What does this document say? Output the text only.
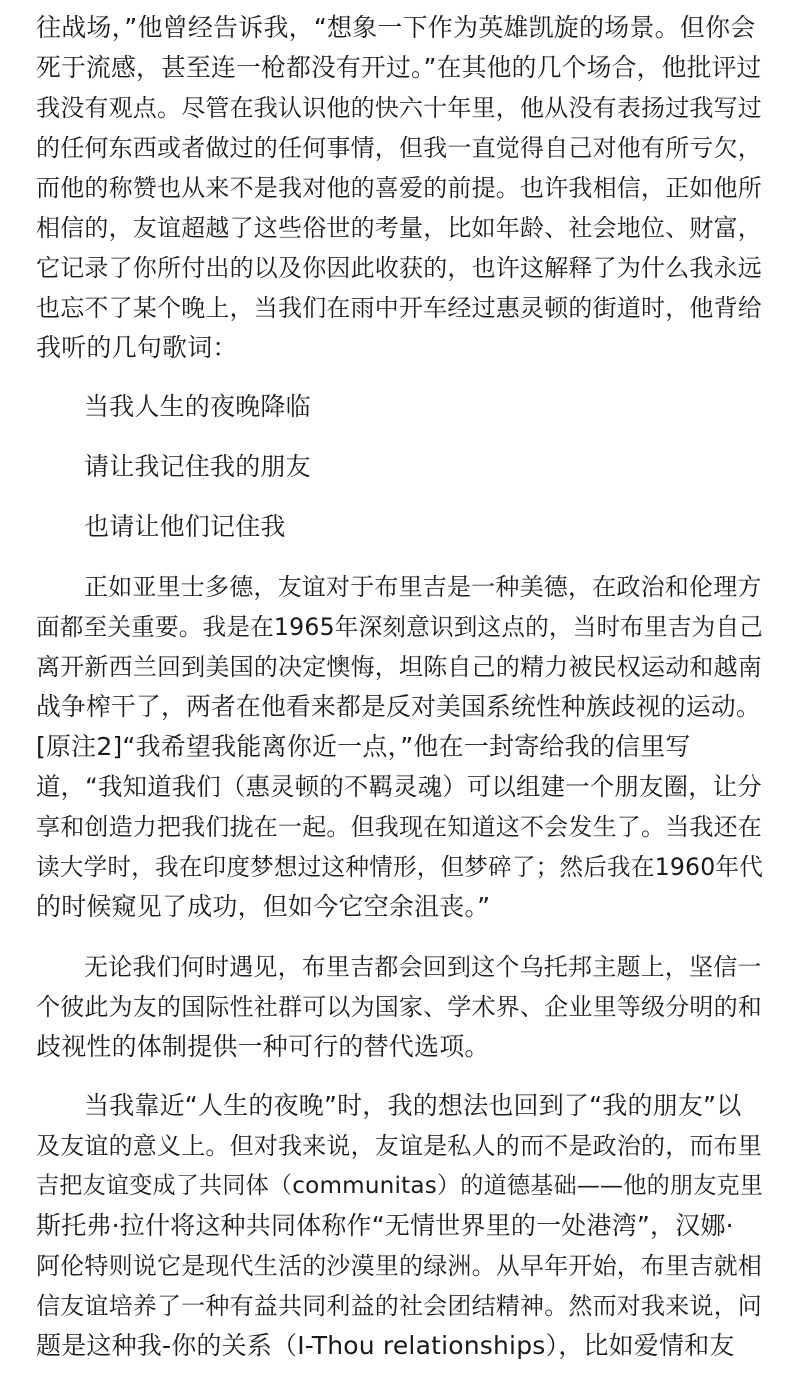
往战场，”他曾经告诉我，“想象一下作为英雄凯旋的场景。但你会
死于流感，甚至连一枪都没有开过。”在其他的几个场合，他批评过
我没有观点。尽管在我认识他的快六十年里，他从没有表扬过我写过
的任何东西或者做过的任何事情，但我一直觉得自己对他有所亏欠，
而他的称赞也从来不是我对他的喜爱的前提。也许我相信，正如他所
相信的，友谊超越了这些俗世的考量，比如年龄、社会地位、财富，
它记录了你所付出的以及你因此收获的，也许这解释了为什么我永远
也忘不了某个晚上，当我们在雨中开车经过惠灵顿的街道时，他背给
我听的几句歌词：
当我人生的夜晚降临
请让我记住我的朋友
也请让他们记住我
正如亚里士多德，友谊对于布里吉是一种美德，在政治和伦理方
面都至关重要。我是在1965年深刻意识到这点的，当时布里吉为自己
离开新西兰回到美国的决定懊悔，坦陈自己的精力被民权运动和越南
战争榨干了，两者在他看来都是反对美国系统性种族歧视的运动。
[原注2]“我希望我能离你近一点，”他在一封寄给我的信里写
道，“我知道我们（惠灵顿的不羁灵魂）可以组建一个朋友圈，让分
享和创造力把我们拢在一起。但我现在知道这不会发生了。当我还在
读大学时，我在印度梦想过这种情形，但梦碎了；然后我在1960年代
的时候窥见了成功，但如今它空余沮丧。”
无论我们何时遇见，布里吉都会回到这个乌托邦主题上，坚信一
个彼此为友的国际性社群可以为国家、学术界、企业里等级分明的和
歧视性的体制提供一种可行的替代选项。
当我靠近“人生的夜晚”时，我的想法也回到了“我的朋友”以
及友谊的意义上。但对我来说，友谊是私人的而不是政治的，而布里
吉把友谊变成了共同体（communitas）的道德基础——他的朋友克里
斯托弗·拉什将这种共同体称作“无情世界里的一处港湾”，汉娜·
阿伦特则说它是现代生活的沙漠里的绿洲。从早年开始，布里吉就相
信友谊培养了一种有益共同利益的社会团结精神。然而对我来说，问
题是这种我-你的关系（I-Thou relationships），比如爱情和友
